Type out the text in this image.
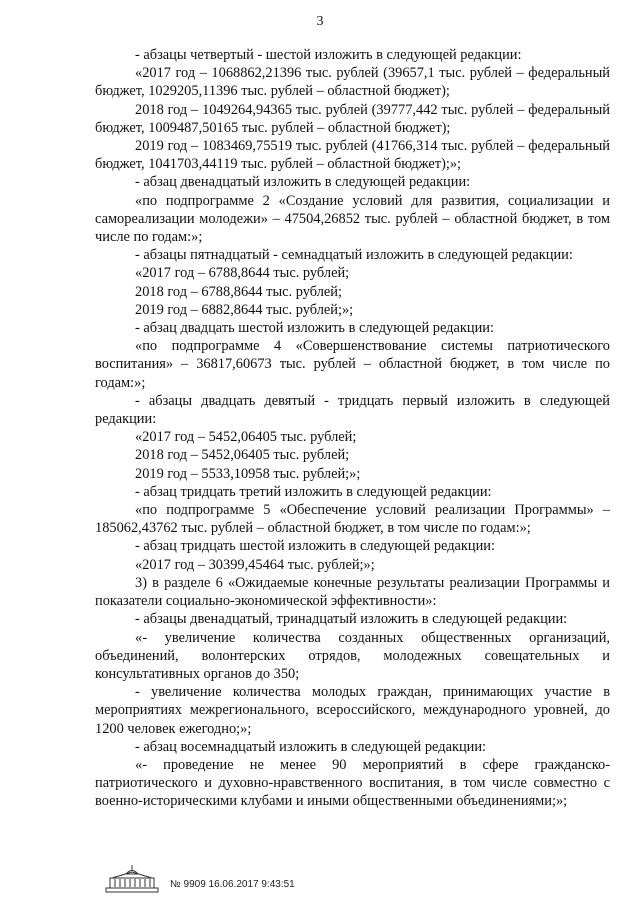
3

- абзацы четвертый - шестой изложить в следующей редакции:

«2017 год – 1068862,21396 тыс. рублей (39657,1 тыс. рублей – федеральный бюджет, 1029205,11396 тыс. рублей – областной бюджет);

2018 год – 1049264,94365 тыс. рублей (39777,442 тыс. рублей – федеральный бюджет, 1009487,50165 тыс. рублей – областной бюджет);

2019 год – 1083469,75519 тыс. рублей (41766,314 тыс. рублей – федеральный бюджет, 1041703,44119 тыс. рублей – областной бюджет);»;

- абзац двенадцатый изложить в следующей редакции:

«по подпрограмме 2 «Создание условий для развития, социализации и самореализации молодежи» – 47504,26852 тыс. рублей – областной бюджет, в том числе по годам:»;

- абзацы пятнадцатый - семнадцатый изложить в следующей редакции:

«2017 год – 6788,8644 тыс. рублей;

2018 год – 6788,8644 тыс. рублей;

2019 год – 6882,8644 тыс. рублей;»;

- абзац двадцать шестой изложить в следующей редакции:

«по подпрограмме 4 «Совершенствование системы патриотического воспитания» – 36817,60673 тыс. рублей – областной бюджет, в том числе по годам:»;

- абзацы двадцать девятый - тридцать первый изложить в следующей редакции:

«2017 год – 5452,06405 тыс. рублей;

2018 год – 5452,06405 тыс. рублей;

2019 год – 5533,10958 тыс. рублей;»;

- абзац тридцать третий изложить в следующей редакции:

«по подпрограмме 5 «Обеспечение условий реализации Программы» – 185062,43762 тыс. рублей – областной бюджет, в том числе по годам:»;

- абзац тридцать шестой изложить в следующей редакции:

«2017 год – 30399,45464 тыс. рублей;»;

3) в разделе 6 «Ожидаемые конечные результаты реализации Программы и показатели социально-экономической эффективности»:

- абзацы двенадцатый, тринадцатый изложить в следующей редакции:

«- увеличение количества созданных общественных организаций, объединений, волонтерских отрядов, молодежных совещательных и консультативных органов до 350;

- увеличение количества молодых граждан, принимающих участие в мероприятиях межрегионального, всероссийского, международного уровней, до 1200 человек ежегодно;»;

- абзац восемнадцатый изложить в следующей редакции:

«- проведение не менее 90 мероприятий в сфере гражданско-патриотического и духовно-нравственного воспитания, в том числе совместно с военно-историческими клубами и иными общественными объединениями;»;

№ 9909 16.06.2017 9:43:51
